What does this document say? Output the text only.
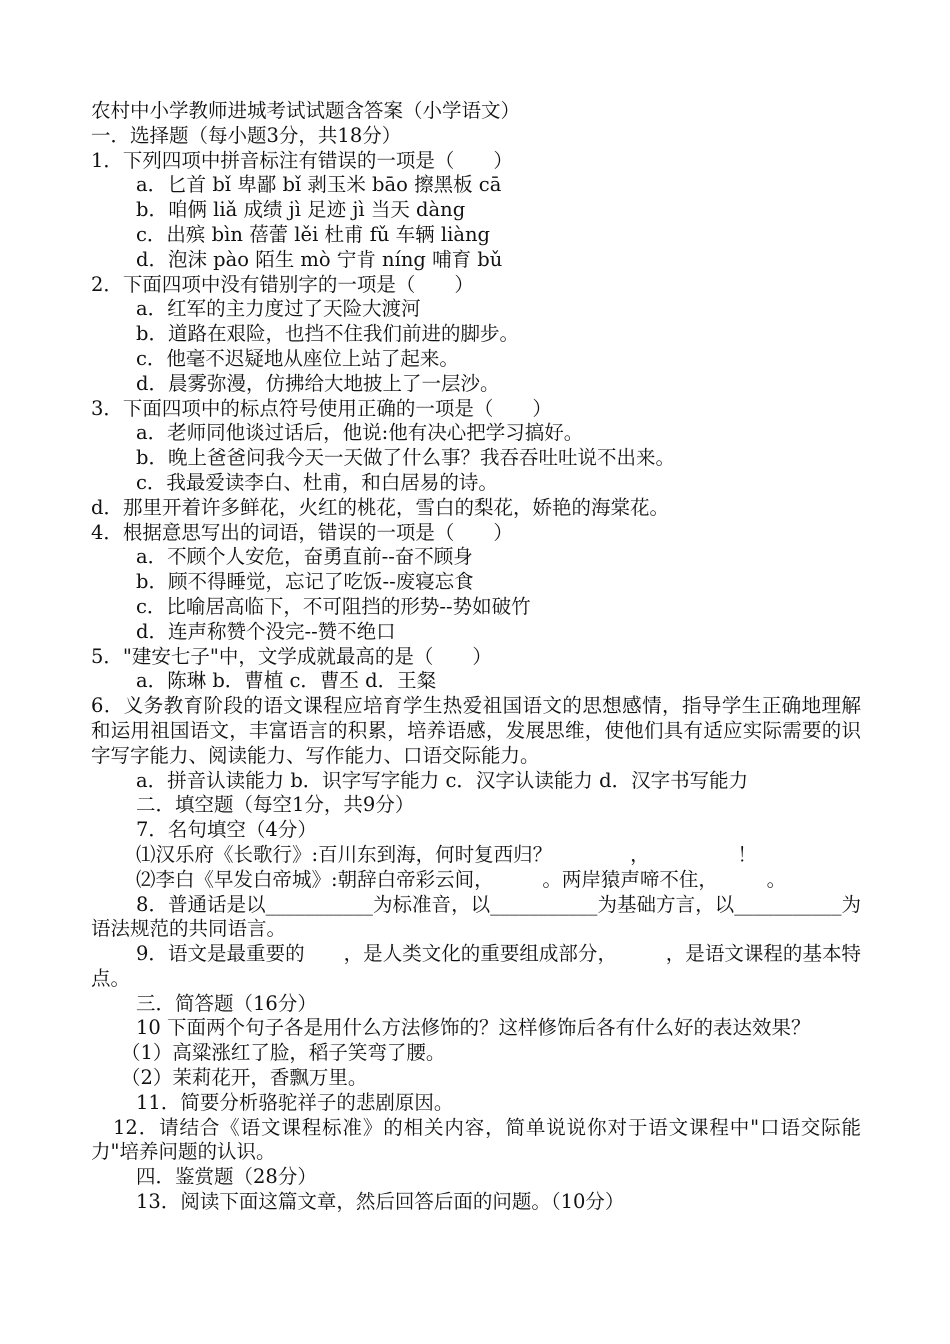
农村中小学教师进城考试试题含答案（小学语文）
一．选择题（每小题3分，共18分）
1．下列四项中拼音标注有错误的一项是（　　）
a．匕首 bǐ 卑鄙 bǐ 剥玉米 bāo 擦黑板 cā
b．咱俩 liǎ 成绩 jì 足迹 jì 当天 dàng
c．出殡 bìn 蓓蕾 lěi 杜甫 fǔ 车辆 liàng
d．泡沫 pào 陌生 mò 宁肯 níng 哺育 bǔ
2．下面四项中没有错别字的一项是（　　）
a．红军的主力度过了天险大渡河
b．道路在艰险，也挡不住我们前进的脚步。
c．他毫不迟疑地从座位上站了起来。
d．晨雾弥漫，仿拂给大地披上了一层沙。
3．下面四项中的标点符号使用正确的一项是（　　）
a．老师同他谈过话后，他说:他有决心把学习搞好。
b．晚上爸爸问我今天一天做了什么事？我吞吞吐吐说不出来。
c．我最爱读李白、杜甫，和白居易的诗。
d．那里开着许多鲜花，火红的桃花，雪白的梨花，娇艳的海棠花。
4．根据意思写出的词语，错误的一项是（　　）
a．不顾个人安危，奋勇直前--奋不顾身
b．顾不得睡觉，忘记了吃饭--废寝忘食
c．比喻居高临下，不可阻挡的形势--势如破竹
d．连声称赞个没完--赞不绝口
5．"建安七子"中，文学成就最高的是（　　）
a．陈琳 b．曹植 c．曹丕 d．王粲
6．义务教育阶段的语文课程应培育学生热爱祖国语文的思想感情，指导学生正确地理解和运用祖国语文，丰富语言的积累，培养语感，发展思维，使他们具有适应实际需要的识字写字能力、阅读能力、写作能力、口语交际能力。
a．拼音认读能力 b．识字写字能力 c．汉字认读能力 d．汉字书写能力
二．填空题（每空1分，共9分）
7．名句填空（4分）
⑴汉乐府《长歌行》:百川东到海，何时复西归？　　　　，　　　　　！
⑵李白《早发白帝城》:朝辞白帝彩云间，　　　。两岸猿声啼不住，　　　。
8．普通话是以___________为标准音，以___________为基础方言，以___________为语法规范的共同语言。
9．语文是最重要的　　，是人类文化的重要组成部分，　　　，是语文课程的基本特点。
三．简答题（16分）
10 下面两个句子各是用什么方法修饰的？这样修饰后各有什么好的表达效果？
（1）高粱涨红了脸，稻子笑弯了腰。
（2）茉莉花开，香飘万里。
11．简要分析骆驼祥子的悲剧原因。
12．请结合《语文课程标准》的相关内容，简单说说你对于语文课程中"口语交际能力"培养问题的认识。
四．鉴赏题（28分）
13．阅读下面这篇文章，然后回答后面的问题。（10分）
